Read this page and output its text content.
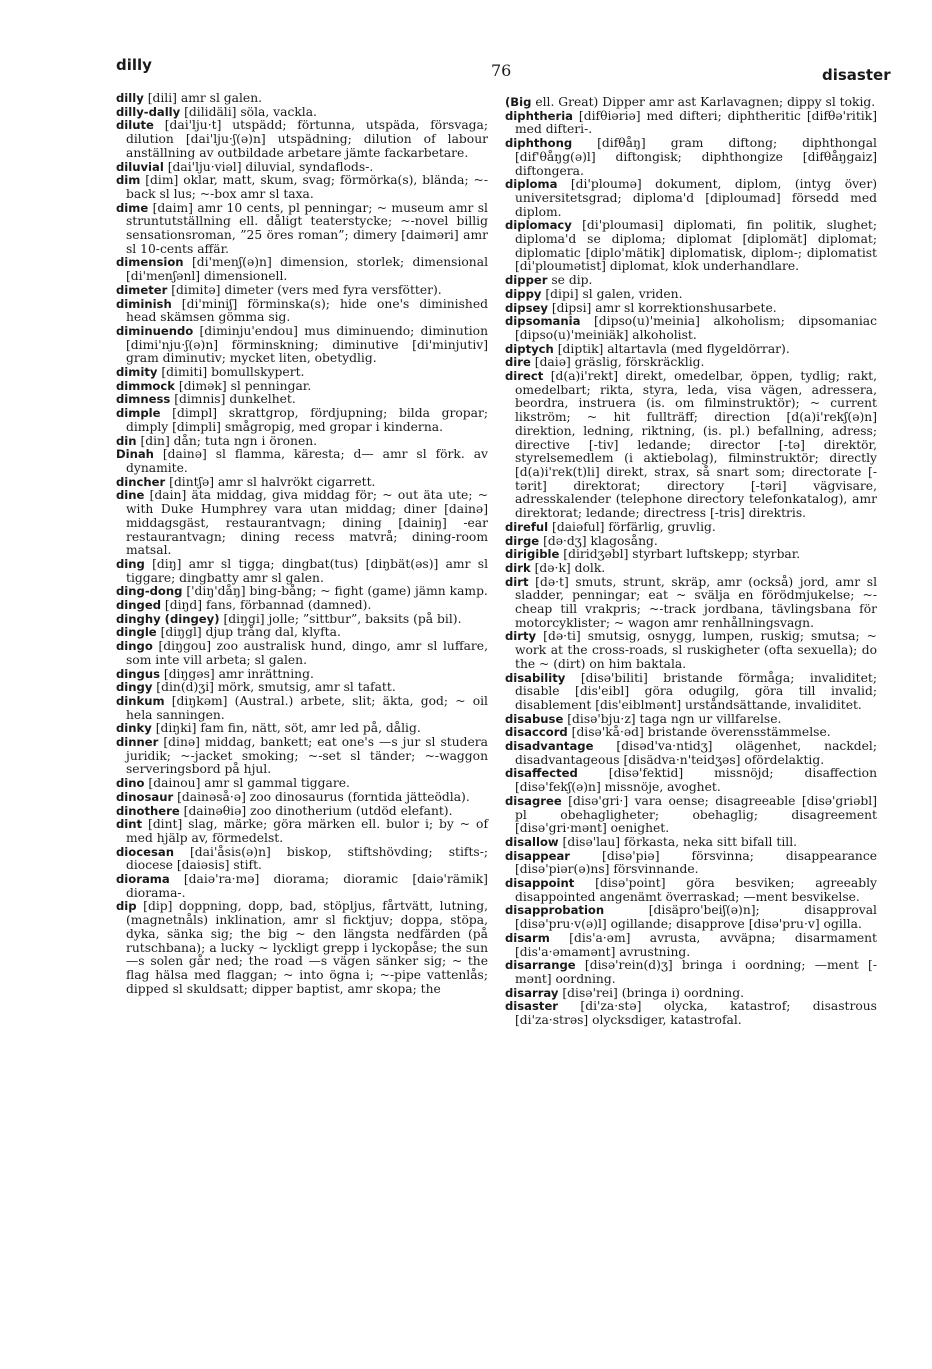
dilly	76	disaster

dilly [dili] amr sl galen.

dilly-dally [dilidäli] söla, vackla.

dilute [dai'lju·t] utspädd; förtunna, utspäda, försvaga; dilution [dai'lju·ʃ(ə)n] utspädning; dilution of labour anställning av outbildade arbetare jämte fackarbetare.

diluvial [dai'lju·viəl] diluvial, syndaflods-.

dim [dim] oklar, matt, skum, svag; förmörka(s), blända; ~-back sl lus; ~-box amr sl taxa.

dime [daim] amr 10 cents, pl penningar; ~ museum amr sl struntutställning ell. dåligt teaterstycke; ~-novel billig sensationsroman, ”25 öres roman”; dimery [daiməri] amr sl 10-cents affär.

dimension [di'menʃ(ə)n] dimension, storlek; dimensional [di'menʃənl] dimensionell.

dimeter [dimitə] dimeter (vers med fyra versfötter).

diminish [di'miniʃ] förminska(s); hide one's diminished head skämsen gömma sig.

diminuendo [diminju'endou] mus diminuendo; diminution [dimi'nju·ʃ(ə)n] förminskning; diminutive [di'minjutiv] gram diminutiv; mycket liten, obetydlig.

dimity [dimiti] bomullskypert.

dimmock [dimək] sl penningar.

dimness [dimnis] dunkelhet.

dimple [dimpl] skrattgrop, fördjupning; bilda gropar; dimply [dimpli] smågropig, med gropar i kinderna.

din [din] dån; tuta ngn i öronen.

Dinah [dainə] sl flamma, käresta; d— amr sl förk. av dynamite.

dincher [dintʃə] amr sl halvrökt cigarrett.

dine [dain] äta middag, giva middag för; ~ out äta ute; ~ with Duke Humphrey vara utan middag; diner [dainə] middagsgäst, restaurantvagn; dining [dainiŋ] -ear restaurantvagn; dining recess matvrå; dining-room matsal.

ding [diŋ] amr sl tigga; dingbat(tus) [diŋbät(əs)] amr sl tiggare; dingbatty amr sl galen.

ding-dong ['diŋ'dåŋ] bing-bång; ~ fight (game) jämn kamp.

dinged [diŋd] fans, förbannad (damned).

dinghy (dingey) [diŋgi] jolle; ”sittbur”, baksits (på bil).

dingle [diŋgl] djup trång dal, klyfta.

dingo [diŋgou] zoo australisk hund, dingo, amr sl luffare, som inte vill arbeta; sl galen.

dingus [diŋgəs] amr inrättning.

dingy [din(d)ʒi] mörk, smutsig, amr sl tafatt.

dinkum [diŋkəm] (Austral.) arbete, slit; äkta, god; ~ oil hela sanningen.

dinky [diŋki] fam fin, nätt, söt, amr led på, dålig.

dinner [dinə] middag, bankett; eat one's —s jur sl studera juridik; ~-jacket smoking; ~-set sl tänder; ~-waggon serveringsbord på hjul.

dino [dainou] amr sl gammal tiggare.

dinosaur [dainəså·ə] zoo dinosaurus (forntida jätteödla).

dinothere [dainəθiə] zoo dinotherium (utdöd elefant).

dint [dint] slag, märke; göra märken ell. bulor i; by ~ of med hjälp av, förmedelst.

diocesan [dai'åsis(ə)n] biskop, stiftshövding; stifts-; diocese [daiəsis] stift.

diorama [daiə'ra·mə] diorama; dioramic [daiə'rämik] diorama-.

dip [dip] doppning, dopp, bad, stöpljus, fårtvätt, lutning, (magnetnåls) inklination, amr sl ficktjuv; doppa, stöpa, dyka, sänka sig; the big ~ den längsta nedfärden (på rutschbana); a lucky ~ lyckligt grepp i lyckopåse; the sun —s solen går ned; the road —s vägen sänker sig; ~ the flag hälsa med flaggan; ~ into ögna i; ~-pipe vattenlås; dipped sl skuldsatt; dipper baptist, amr skopa; the

(Big ell. Great) Dipper amr ast Karlavagnen; dippy sl tokig.

diphtheria [difθiəriə] med difteri; diphtheritic [difθə'ritik] med difteri-.

diphthong [difθåŋ] gram diftong; diphthongal [dif'θåŋg(ə)l] diftongisk; diphthongize [difθåŋgaiz] diftongera.

diploma [di'ploumə] dokument, diplom, (intyg över) universitetsgrad; diploma'd [diploumad] försedd med diplom.

diplomacy [di'ploumasi] diplomati, fin politik, slughet; diploma'd se diploma; diplomat [diplomät] diplomat; diplomatic [diplo'mätik] diplomatisk, diplom-; diplomatist [di'ploumətist] diplomat, klok underhandlare.

dipper se dip.

dippy [dipi] sl galen, vriden.

dipsey [dipsi] amr sl korrektionshusarbete.

dipsomania [dipso(u)'meinia] alkoholism; dipsomaniac [dipso(u)'meiniäk] alkoholist.

diptych [diptik] altartavla (med flygeldörrar).

dire [daiə] gräslig, förskräcklig.

direct [d(a)i'rekt] direkt, omedelbar, öppen, tydlig; rakt, omedelbart; rikta, styra, leda, visa vägen, adressera, beordra, instruera (is. om filminstruktör); ~ current likström; ~ hit fullträff; direction [d(a)i'rekʃ(ə)n] direktion, ledning, riktning, (is. pl.) befallning, adress; directive [-tiv] ledande; director [-tə] direktör, styrelsemedlem (i aktiebolag), filminstruktör; directly [d(a)i'rek(t)li] direkt, strax, så snart som; directorate [-tərit] direktorat; directory [-təri] vägvisare, adresskalender (telephone directory telefonkatalog), amr direktorat; ledande; directress [-tris] direktris.

direful [daiəful] förfärlig, gruvlig.

dirge [də·dʒ] klagosång.

dirigible [diridʒəbl] styrbart luftskepp; styrbar.

dirk [də·k] dolk.

dirt [də·t] smuts, strunt, skräp, amr (också) jord, amr sl sladder, penningar; eat ~ svälja en förödmjukelse; ~-cheap till vrakpris; ~-track jordbana, tävlingsbana för motorcyklister; ~ wagon amr renhållningsvagn.

dirty [də·ti] smutsig, osnygg, lumpen, ruskig; smutsa; ~ work at the cross-roads, sl ruskigheter (ofta sexuella); do the ~ (dirt) on him baktala.

disability [disə'biliti] bristande förmåga; invaliditet; disable [dis'eibl] göra odugilg, göra till invalid; disablement [dis'eiblmənt] urståndsättande, invaliditet.

disabuse [disə'bju·z] taga ngn ur villfarelse.

disaccord [disə'kå·əd] bristande överensstämmelse.

disadvantage [disəd'va·ntidʒ] olägenhet, nackdel; disadvantageous [disädva·n'teidʒəs] ofördelaktig.

disaffected [disə'fektid] missnöjd; disaffection [disə'fekʃ(ə)n] missnöje, avoghet.

disagree [disə'gri·] vara oense; disagreeable [disə'griəbl] pl obehagligheter; obehaglig; disagreement [disə'gri·mənt] oenighet.

disallow [disə'lau] förkasta, neka sitt bifall till.

disappear [disə'piə] försvinna; disappearance [disə'piər(ə)ns] försvinnande.

disappoint [disə'point] göra besviken; agreeably disappointed angenämt överraskad; —ment besvikelse.

disapprobation [disäpro'beiʃ(ə)n]; disapproval [disə'pru·v(ə)l] ogillande; disapprove [disə'pru·v] ogilla.

disarm [dis'a·əm] avrusta, avväpna; disarmament [dis'a·əmamənt] avrustning.

disarrange [disə'rein(d)ʒ] bringa i oordning; —ment [-mənt] oordning.

disarray [disə'rei] (bringa i) oordning.

disaster [di'za·stə] olycka, katastrof; disastrous [di'za·strəs] olycksdiger, katastrofal.
